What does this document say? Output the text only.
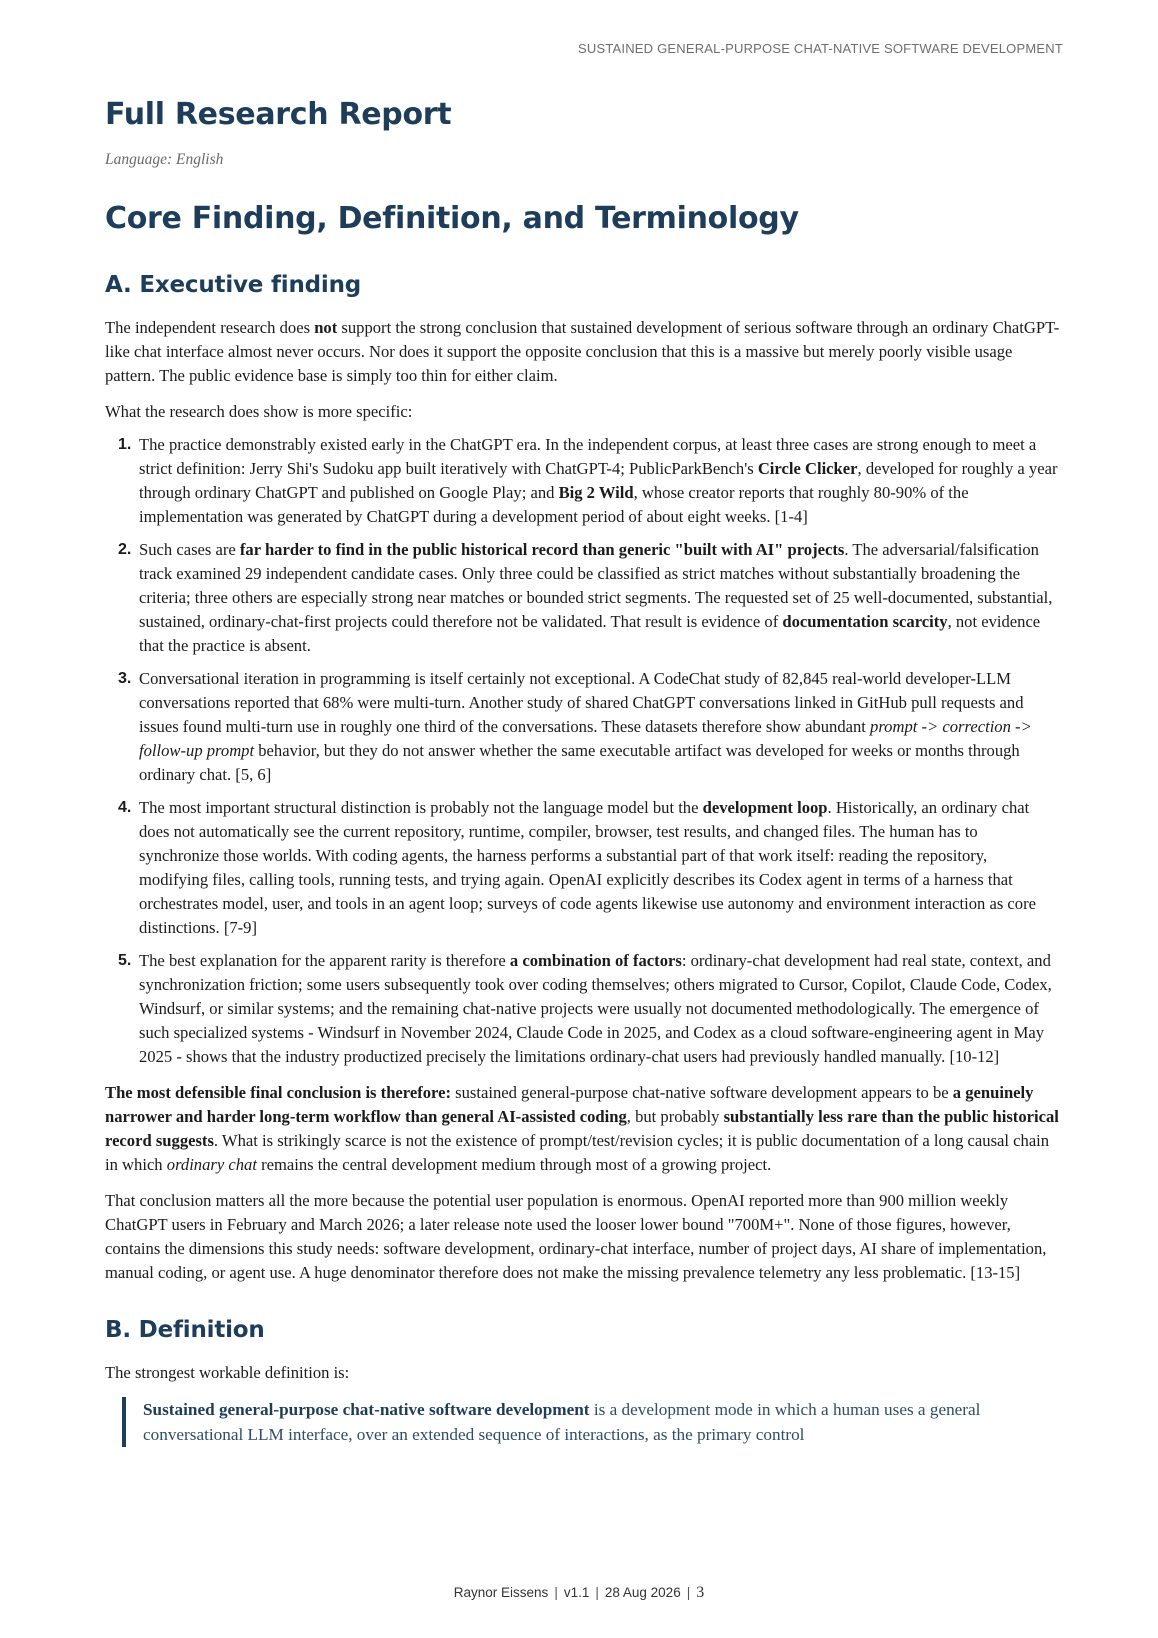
SUSTAINED GENERAL-PURPOSE CHAT-NATIVE SOFTWARE DEVELOPMENT
Full Research Report

Language: English

Core Finding, Definition, and Terminology
A. Executive finding

The independent research does not support the strong conclusion that sustained development of serious software through an ordinary ChatGPT-like chat interface almost never occurs. Nor does it support the opposite conclusion that this is a massive but merely poorly visible usage pattern. The public evidence base is simply too thin for either claim.

What the research does show is more specific:

1. The practice demonstrably existed early in the ChatGPT era. In the independent corpus, at least three cases are strong enough to meet a strict definition: Jerry Shi's Sudoku app built iteratively with ChatGPT-4; PublicParkBench's Circle Clicker, developed for roughly a year through ordinary ChatGPT and published on Google Play; and Big 2 Wild, whose creator reports that roughly 80-90% of the implementation was generated by ChatGPT during a development period of about eight weeks. [1-4]
2. Such cases are far harder to find in the public historical record than generic "built with AI" projects. The adversarial/falsification track examined 29 independent candidate cases. Only three could be classified as strict matches without substantially broadening the criteria; three others are especially strong near matches or bounded strict segments. The requested set of 25 well-documented, substantial, sustained, ordinary-chat-first projects could therefore not be validated. That result is evidence of documentation scarcity, not evidence that the practice is absent.
3. Conversational iteration in programming is itself certainly not exceptional. A CodeChat study of 82,845 real-world developer-LLM conversations reported that 68% were multi-turn. Another study of shared ChatGPT conversations linked in GitHub pull requests and issues found multi-turn use in roughly one third of the conversations. These datasets therefore show abundant prompt -> correction -> follow-up prompt behavior, but they do not answer whether the same executable artifact was developed for weeks or months through ordinary chat. [5, 6]
4. The most important structural distinction is probably not the language model but the development loop. Historically, an ordinary chat does not automatically see the current repository, runtime, compiler, browser, test results, and changed files. The human has to synchronize those worlds. With coding agents, the harness performs a substantial part of that work itself: reading the repository, modifying files, calling tools, running tests, and trying again. OpenAI explicitly describes its Codex agent in terms of a harness that orchestrates model, user, and tools in an agent loop; surveys of code agents likewise use autonomy and environment interaction as core distinctions. [7-9]
5. The best explanation for the apparent rarity is therefore a combination of factors: ordinary-chat development had real state, context, and synchronization friction; some users subsequently took over coding themselves; others migrated to Cursor, Copilot, Claude Code, Codex, Windsurf, or similar systems; and the remaining chat-native projects were usually not documented methodologically. The emergence of such specialized systems - Windsurf in November 2024, Claude Code in 2025, and Codex as a cloud software-engineering agent in May 2025 - shows that the industry productized precisely the limitations ordinary-chat users had previously handled manually. [10-12]

The most defensible final conclusion is therefore: sustained general-purpose chat-native software development appears to be a genuinely narrower and harder long-term workflow than general AI-assisted coding, but probably substantially less rare than the public historical record suggests. What is strikingly scarce is not the existence of prompt/test/revision cycles; it is public documentation of a long causal chain in which ordinary chat remains the central development medium through most of a growing project.

That conclusion matters all the more because the potential user population is enormous. OpenAI reported more than 900 million weekly ChatGPT users in February and March 2026; a later release note used the looser lower bound "700M+". None of those figures, however, contains the dimensions this study needs: software development, ordinary-chat interface, number of project days, AI share of implementation, manual coding, or agent use. A huge denominator therefore does not make the missing prevalence telemetry any less problematic. [13-15]

B. Definition

The strongest workable definition is:

Sustained general-purpose chat-native software development is a development mode in which a human uses a general conversational LLM interface, over an extended sequence of interactions, as the primary control
Raynor Eissens | v1.1 | 28 Aug 2026 | 3
